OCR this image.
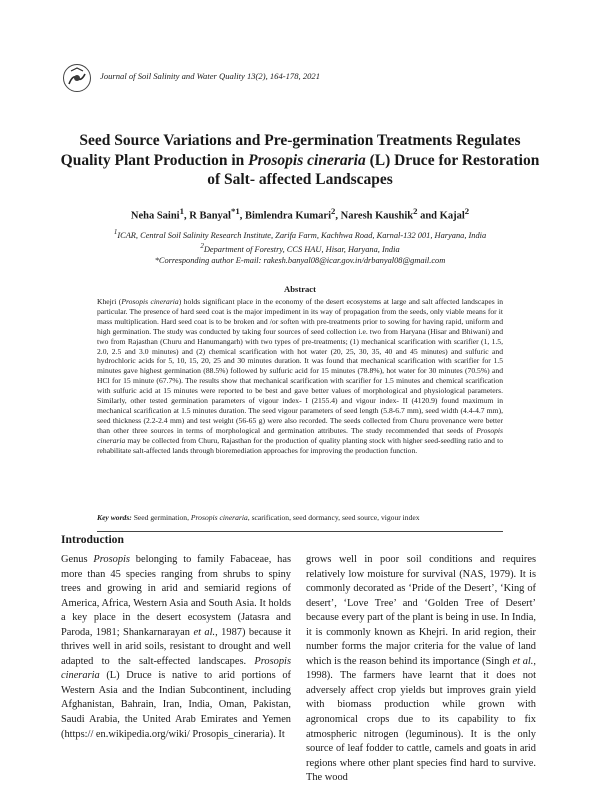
Journal of Soil Salinity and Water Quality 13(2), 164-178, 2021
Seed Source Variations and Pre-germination Treatments Regulates Quality Plant Production in Prosopis cineraria (L) Druce for Restoration of Salt- affected Landscapes
Neha Saini$^1$, R Banyal$^{*1}$, Bimlendra Kumari$^2$, Naresh Kaushik$^2$ and Kajal$^2$
$^1$ICAR, Central Soil Salinity Research Institute, Zarifa Farm, Kachhwa Road, Karnal-132 001, Haryana, India
$^2$Department of Forestry, CCS HAU, Hisar, Haryana, India
*Corresponding author E-mail: rakesh.banyal08@icar.gov.in/drbanyal08@gmail.com
Abstract

Khejri (Prosopis cineraria) holds significant place in the economy of the desert ecosystems at large and salt affected landscapes in particular. The presence of hard seed coat is the major impediment in its way of propagation from the seeds, only viable means for it mass multiplication. Hard seed coat is to be broken and /or soften with pre-treatments prior to sowing for having rapid, uniform and high germination. The study was conducted by taking four sources of seed collection i.e. two from Haryana (Hisar and Bhiwani) and two from Rajasthan (Churu and Hanumangarh) with two types of pre-treatments; (1) mechanical scarification with scarifier (1, 1.5, 2.0, 2.5 and 3.0 minutes) and (2) chemical scarification with hot water (20, 25, 30, 35, 40 and 45 minutes) and sulfuric and hydrochloric acids for 5, 10, 15, 20, 25 and 30 minutes duration. It was found that mechanical scarification with scarifier for 1.5 minutes gave highest germination (88.5%) followed by sulfuric acid for 15 minutes (78.8%), hot water for 30 minutes (70.5%) and HCl for 15 minute (67.7%). The results show that mechanical scarification with scarifier for 1.5 minutes and chemical scarification with sulfuric acid at 15 minutes were reported to be best and gave better values of morphological and physiological parameters. Similarly, other tested germination parameters of vigour index- I (2155.4) and vigour index- II (4120.9) found maximum in mechanical scarification at 1.5 minutes duration. The seed vigour parameters of seed length (5.8-6.7 mm), seed width (4.4-4.7 mm), seed thickness (2.2-2.4 mm) and test weight (56-65 g) were also recorded. The seeds collected from Churu provenance were better than other three sources in terms of morphological and germination attributes. The study recommended that seeds of Prosopis cineraria may be collected from Churu, Rajasthan for the production of quality planting stock with higher seed-seedling ratio and to rehabilitate salt-affected lands through bioremediation approaches for improving the production function.

Key words: Seed germination, Prosopis cineraria, scarification, seed dormancy, seed source, vigour index
Introduction

Genus Prosopis belonging to family Fabaceae, has more than 45 species ranging from shrubs to spiny trees and growing in arid and semiarid regions of America, Africa, Western Asia and South Asia. It holds a key place in the desert ecosystem (Jatasra and Paroda, 1981; Shankarnarayan et al., 1987) because it thrives well in arid soils, resistant to drought and well adapted to the salt-effected landscapes. Prosopis cineraria (L) Druce is native to arid portions of Western Asia and the Indian Subcontinent, including Afghanistan, Bahrain, Iran, India, Oman, Pakistan, Saudi Arabia, the United Arab Emirates and Yemen (https:// en.wikipedia.org/wiki/ Prosopis_cineraria). It

grows well in poor soil conditions and requires relatively low moisture for survival (NAS, 1979). It is commonly decorated as ‘Pride of the Desert’, ‘King of desert’, ‘Love Tree’ and ‘Golden Tree of Desert’ because every part of the plant is being in use. In India, it is commonly known as Khejri. In arid region, their number forms the major criteria for the value of land which is the reason behind its importance (Singh et al., 1998). The farmers have learnt that it does not adversely affect crop yields but improves grain yield with biomass production while grown with agronomical crops due to its capability to fix atmospheric nitrogen (leguminous). It is the only source of leaf fodder to cattle, camels and goats in arid regions where other plant species find hard to survive. The wood
